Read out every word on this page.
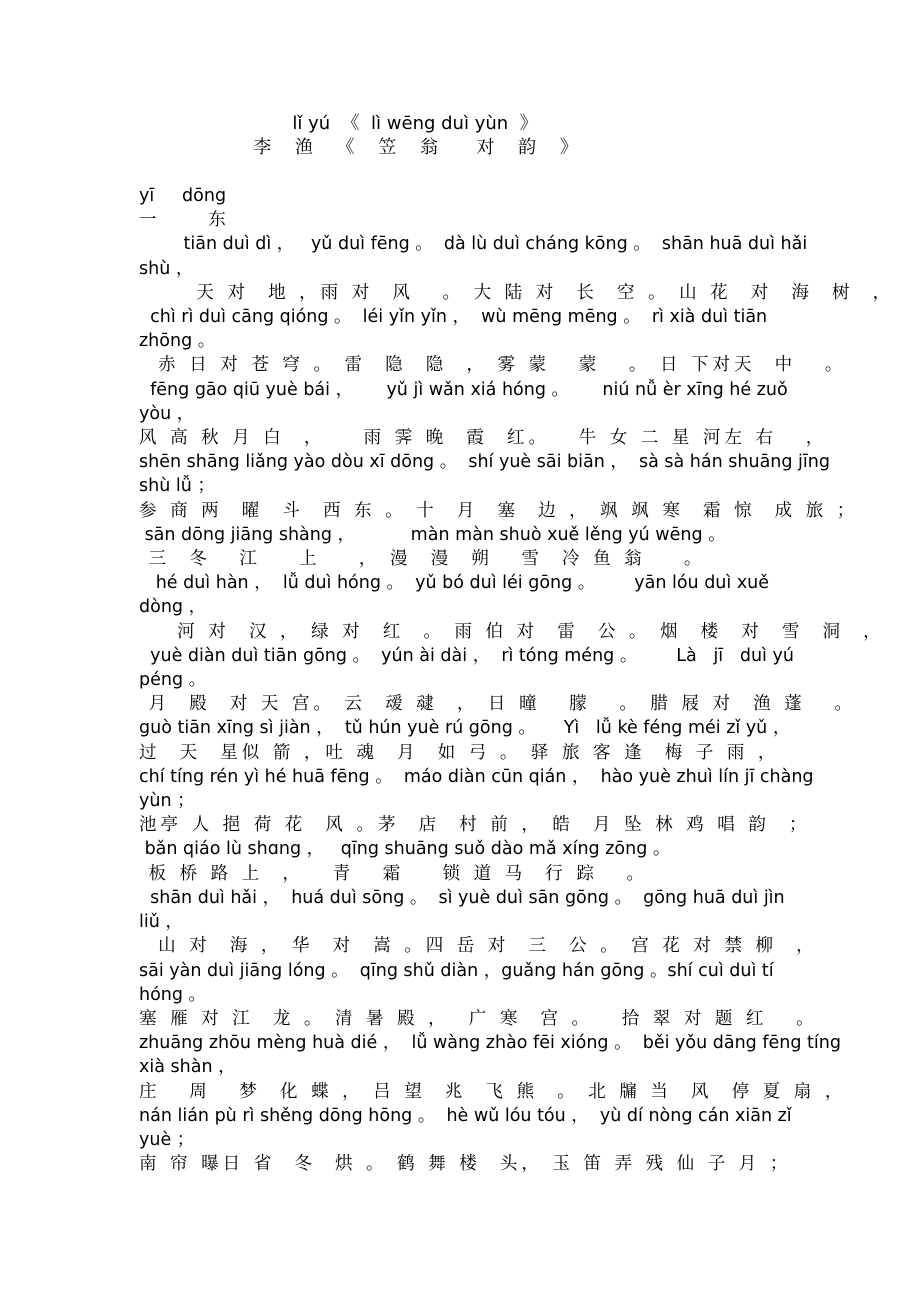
lǐ yú  《  lì wēng duì yùn  》
李 渔 《 笠 翁  对 韵 》
yī     dōng
一     东
tiān duì dì ，   yǔ duì fēng 。  dà lù duì cháng kōng 。  shān huā duì hǎi
shù ，
天 对  地 ，雨 对  风   。 大 陆 对  长  空 。 山 花  对  海  树  ，
chì rì duì cāng qióng 。  léi yǐn yǐn ，  wù mēng mēng 。  rì xià duì tiān
zhōng 。
赤 日 对 苍 穹 。 雷  隐  隐  ， 雾 蒙   蒙   。 日 下对天  中   。
fēng gāo qiū yuè bái ，      yǔ jì wǎn xiá hóng 。      niú nǚ èr xīng hé zuǒ
yòu ，
风 高 秋 月 白  ，    雨 霁 晚  霞  红。   牛 女 二 星 河左 右   ，
shēn shāng liǎng yào dòu xī dōng 。  shí yuè sāi biān ，  sà sà hán shuāng jīng
shù lǚ ；
参 商 两  曜  斗  西 东 。 十  月  塞  边 ， 飒 飒 寒  霜 惊  成 旅 ；
sān dōng jiāng shàng ，          màn màn shuò xuě lěng yú wēng 。
三  冬   江    上    ， 漫  漫  朔   雪  冷 鱼 翁    。
hé duì hàn ，  lǚ duì hóng 。  yǔ bó duì léi gōng 。       yān lóu duì xuě
dòng ，
河 对  汉 ， 绿 对  红  。 雨 伯 对  雷  公 。 烟  楼  对  雪  洞  ，
yuè diàn duì tiān gōng 。  yún ài dài ，  rì tóng méng 。       Là   jī   duì yú
péng 。
月  殿  对 天 宫。 云  叆 叇  ， 日 曈   朦   。 腊 屐 对  渔 蓬   。
guò tiān xīng sì jiàn ，  tǔ hún yuè rú gōng 。     Yì   lǚ kè féng méi zǐ yǔ ，
过  天  星似 箭 ，吐 魂  月  如 弓 。 驿 旅 客 逢  梅 子 雨 ，
chí tíng rén yì hé huā fēng 。  máo diàn cūn qián ，  hào yuè zhuì lín jī chàng
yùn ；
池亭 人 挹 荷 花  风 。茅  店  村 前 ， 皓  月 坠 林 鸡 唱 韵  ；
bǎn qiáo lù shɑng ，   qīng shuāng suǒ dào mǎ xíng zōng 。
板 桥 路 上  ，   青   霜    锁 道 马  行 踪   。
shān duì hǎi ，  huá duì sōng 。  sì yuè duì sān gōng 。  gōng huā duì jìn
liǔ ，
山 对  海 ， 华  对  嵩 。四 岳 对  三  公 。 宫 花 对 禁 柳  ，
sāi yàn duì jiāng lóng 。  qīng shǔ diàn ，guǎng hán gōng 。shí cuì duì tí
hóng 。
塞 雁 对 江  龙 。 清 暑 殿 ，  广 寒  宫 。   拾 翠 对 题 红   。
zhuāng zhōu mèng huà dié ，  lǚ wàng zhào fēi xióng 。  běi yǒu dāng fēng tíng
xià shàn ，
庄   周   梦  化 蝶 ， 吕 望  兆  飞 熊  。 北 牖 当  风  停 夏 扇 ，
nán lián pù rì shěng dōng hōng 。  hè wǔ lóu tóu ，  yù dí nòng cán xiān zǐ
yuè ；
南 帘 曝日 省  冬  烘 。 鹤 舞 楼  头， 玉 笛 弄 残 仙 子 月 ；
